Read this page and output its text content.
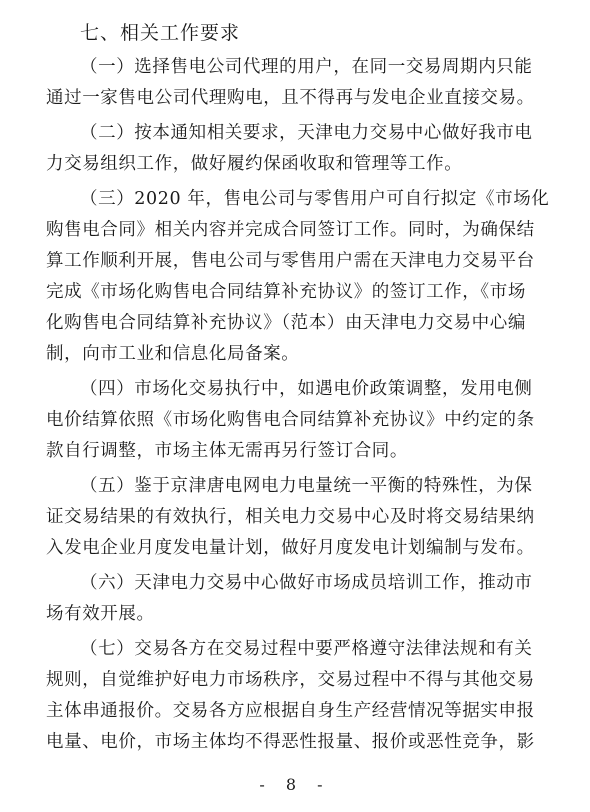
七、相关工作要求
（一）选择售电公司代理的用户，在同一交易周期内只能
通过一家售电公司代理购电，且不得再与发电企业直接交易。
（二）按本通知相关要求，天津电力交易中心做好我市电
力交易组织工作，做好履约保函收取和管理等工作。
（三）2020 年，售电公司与零售用户可自行拟定《市场化
购售电合同》相关内容并完成合同签订工作。同时，为确保结
算工作顺利开展，售电公司与零售用户需在天津电力交易平台
完成《市场化购售电合同结算补充协议》的签订工作，《市场
化购售电合同结算补充协议》（范本）由天津电力交易中心编
制，向市工业和信息化局备案。
（四）市场化交易执行中，如遇电价政策调整，发用电侧
电价结算依照《市场化购售电合同结算补充协议》中约定的条
款自行调整，市场主体无需再另行签订合同。
（五）鉴于京津唐电网电力电量统一平衡的特殊性，为保
证交易结果的有效执行，相关电力交易中心及时将交易结果纳
入发电企业月度发电量计划，做好月度发电计划编制与发布。
（六）天津电力交易中心做好市场成员培训工作，推动市
场有效开展。
（七）交易各方在交易过程中要严格遵守法律法规和有关
规则，自觉维护好电力市场秩序，交易过程中不得与其他交易
主体串通报价。交易各方应根据自身生产经营情况等据实申报
电量、电价，市场主体均不得恶性报量、报价或恶性竞争，影
- 8 -
